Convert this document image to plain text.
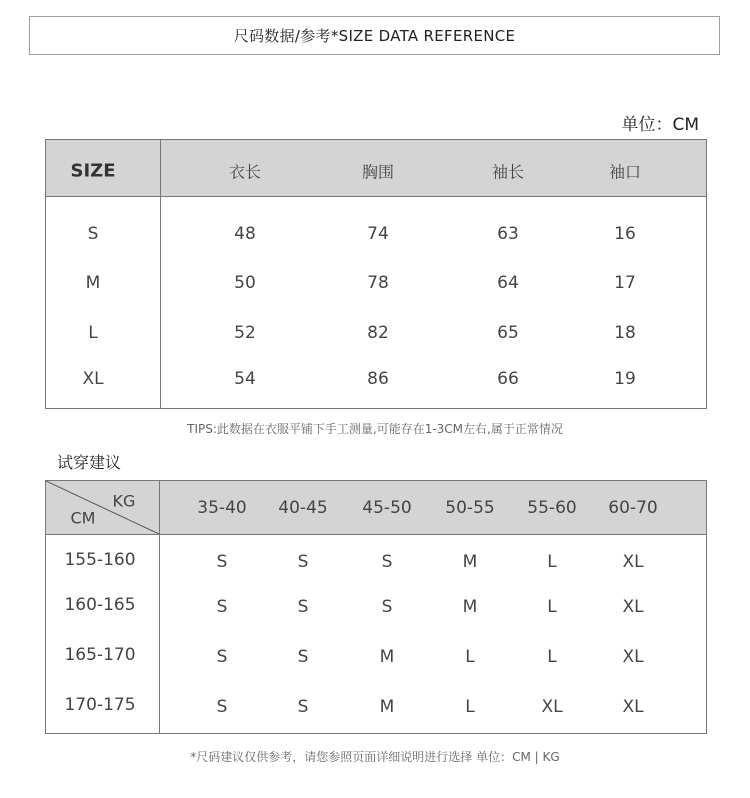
尺码数据/参考*SIZE DATA REFERENCE
单位：CM
SIZE	衣长	胸围	袖长	袖口
S	48	74	63	16
M	50	78	64	17
L	52	82	65	18
XL	54	86	66	19
TIPS:此数据在衣服平铺下手工测量,可能存在1-3CM左右,属于正常情况
试穿建议
KG
CM	35-40 40-45 45-50 50-55 55-60 60-70
155-160	S	S	S	M	L	XL
160-165	S	S	S	M	L	XL
165-170	S	S	M	L	L	XL
170-175	S	S	M	L	XL	XL
*尺码建议仅供参考，请您参照页面详细说明进行选择 单位：CM | KG
